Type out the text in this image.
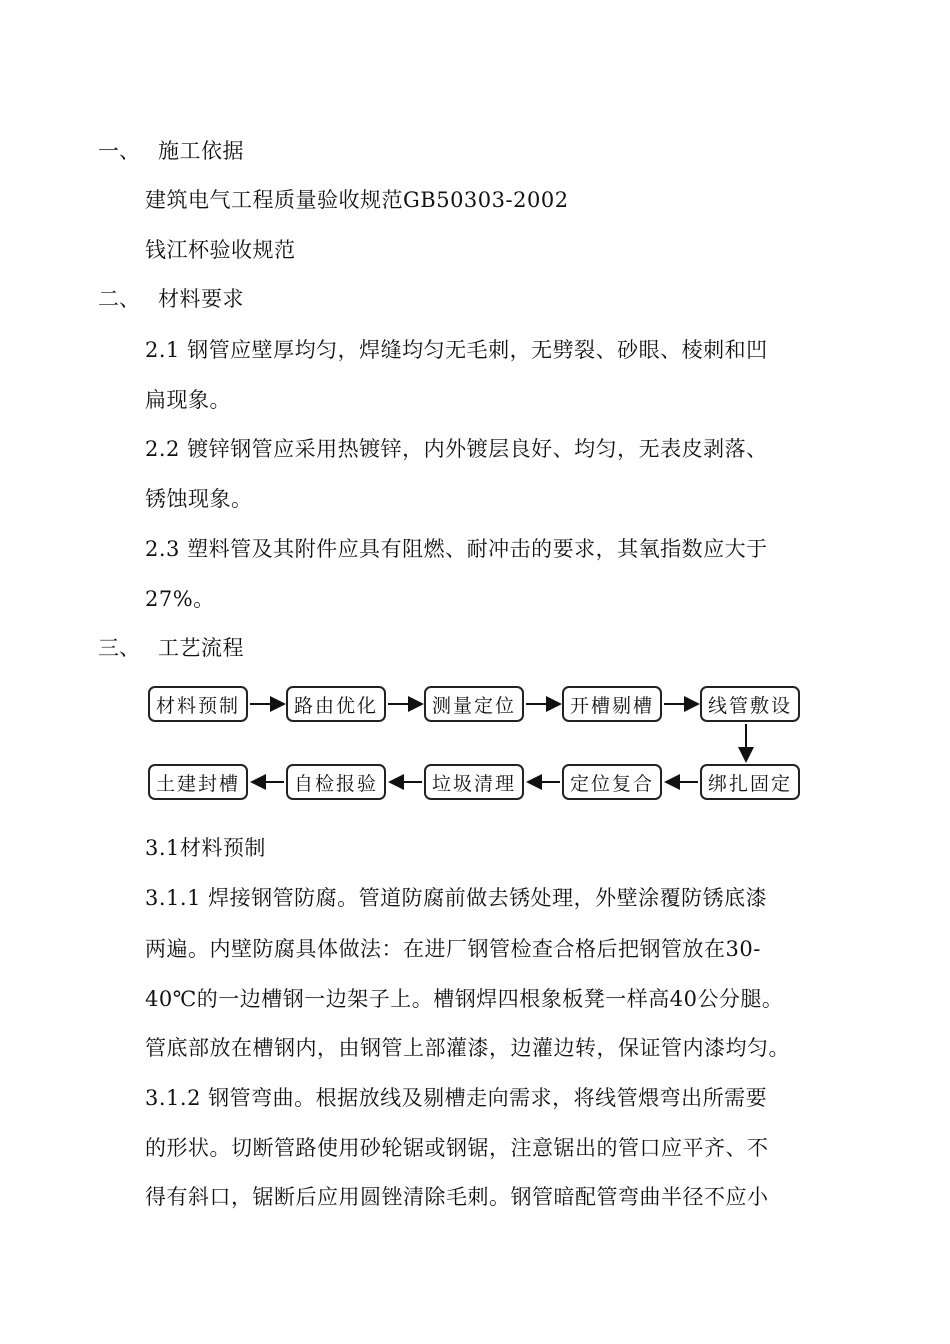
一、 施工依据
建筑电气工程质量验收规范GB50303-2002
钱江杯验收规范
二、 材料要求
2.1 钢管应壁厚均匀，焊缝均匀无毛刺，无劈裂、砂眼、棱刺和凹
扁现象。
2.2 镀锌钢管应采用热镀锌，内外镀层良好、均匀，无表皮剥落、
锈蚀现象。
2.3 塑料管及其附件应具有阻燃、耐冲击的要求，其氧指数应大于
27%。
三、 工艺流程
材料预制	路由优化	测量定位	开槽剔槽	线管敷设
土建封槽	自检报验	垃圾清理	定位复合	绑扎固定
3.1材料预制
3.1.1 焊接钢管防腐。管道防腐前做去锈处理，外壁涂覆防锈底漆
两遍。内壁防腐具体做法：在进厂钢管检查合格后把钢管放在30-
40℃的一边槽钢一边架子上。槽钢焊四根象板凳一样高40公分腿。
管底部放在槽钢内，由钢管上部灌漆，边灌边转，保证管内漆均匀。
3.1.2 钢管弯曲。根据放线及剔槽走向需求，将线管煨弯出所需要
的形状。切断管路使用砂轮锯或钢锯，注意锯出的管口应平齐、不
得有斜口，锯断后应用圆锉清除毛刺。钢管暗配管弯曲半径不应小
